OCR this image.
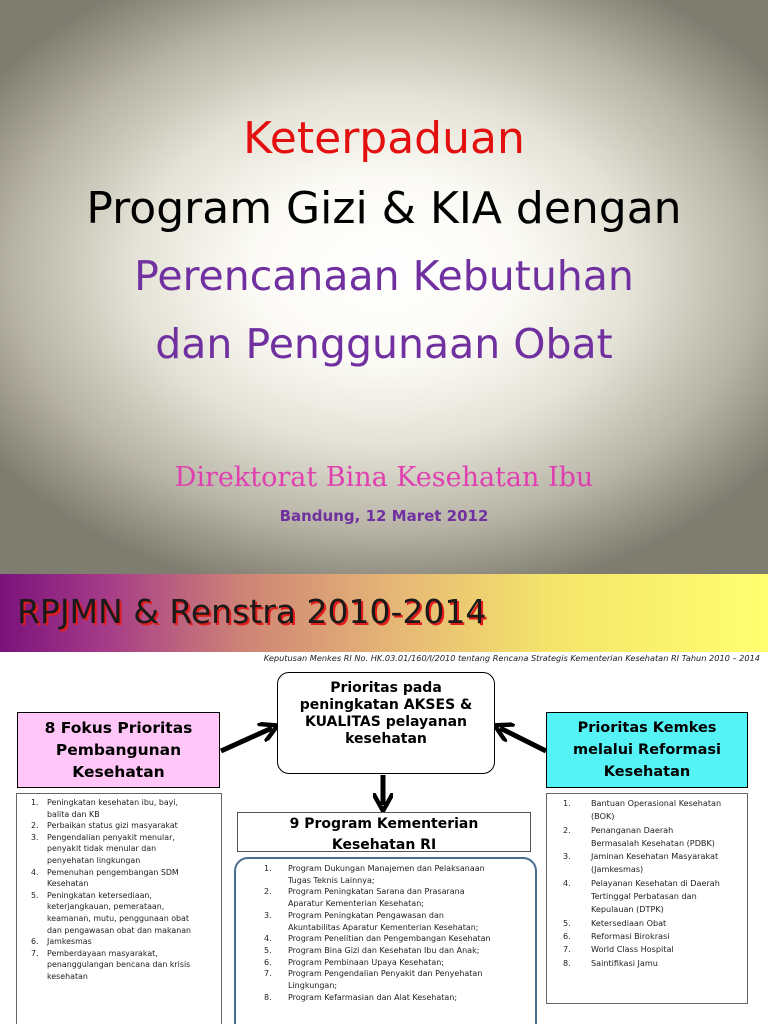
Keterpaduan
Program Gizi & KIA dengan
Perencanaan Kebutuhan
dan Penggunaan Obat
Direktorat Bina Kesehatan Ibu
Bandung, 12 Maret 2012
RPJMN & Renstra 2010-2014
Keputusan Menkes RI No. HK.03.01/160/I/2010 tentang Rencana Strategis Kementerian Kesehatan RI Tahun 2010 – 2014
Prioritas pada
peningkatan AKSES &
KUALITAS pelayanan
kesehatan
8 Fokus Prioritas
Pembangunan
Kesehatan
Prioritas Kemkes
melalui Reformasi
Kesehatan
9 Program Kementerian
Kesehatan RI
1. Peningkatan kesehatan ibu, bayi,
balita dan KB
2. Perbaikan status gizi masyarakat
3. Pengendalian penyakit menular,
penyakit tidak menular dan
penyehatan lingkungan
4. Pemenuhan pengembangan SDM
Kesehatan
5. Peningkatan ketersediaan,
keterjangkauan, pemerataan,
keamanan, mutu, penggunaan obat
dan pengawasan obat dan makanan
6. Jamkesmas
7. Pemberdayaan masyarakat,
penanggulangan bencana dan krisis
kesehatan
1. Program Dukungan Manajemen dan Pelaksanaan
Tugas Teknis Lainnya;
2. Program Peningkatan Sarana dan Prasarana
Aparatur Kementerian Kesehatan;
3. Program Peningkatan Pengawasan dan
Akuntabilitas Aparatur Kementerian Kesehatan;
4. Program Penelitian dan Pengembangan Kesehatan
5. Program Bina Gizi dan Kesehatan Ibu dan Anak;
6. Program Pembinaan Upaya Kesehatan;
7. Program Pengendalian Penyakit dan Penyehatan
Lingkungan;
8. Program Kefarmasian dan Alat Kesehatan;
1.	Bantuan Operasional Kesehatan
(BOK)
2.	Penanganan Daerah
Bermasalah Kesehatan (PDBK)
3.	Jaminan Kesehatan Masyarakat
(Jamkesmas)
4.	Pelayanan Kesehatan di Daerah
Tertinggal Perbatasan dan
Kepulauan (DTPK)
5.	Ketersediaan Obat
6.	Reformasi Birokrasi
7.	World Class Hospital
8.	Saintifikasi Jamu
